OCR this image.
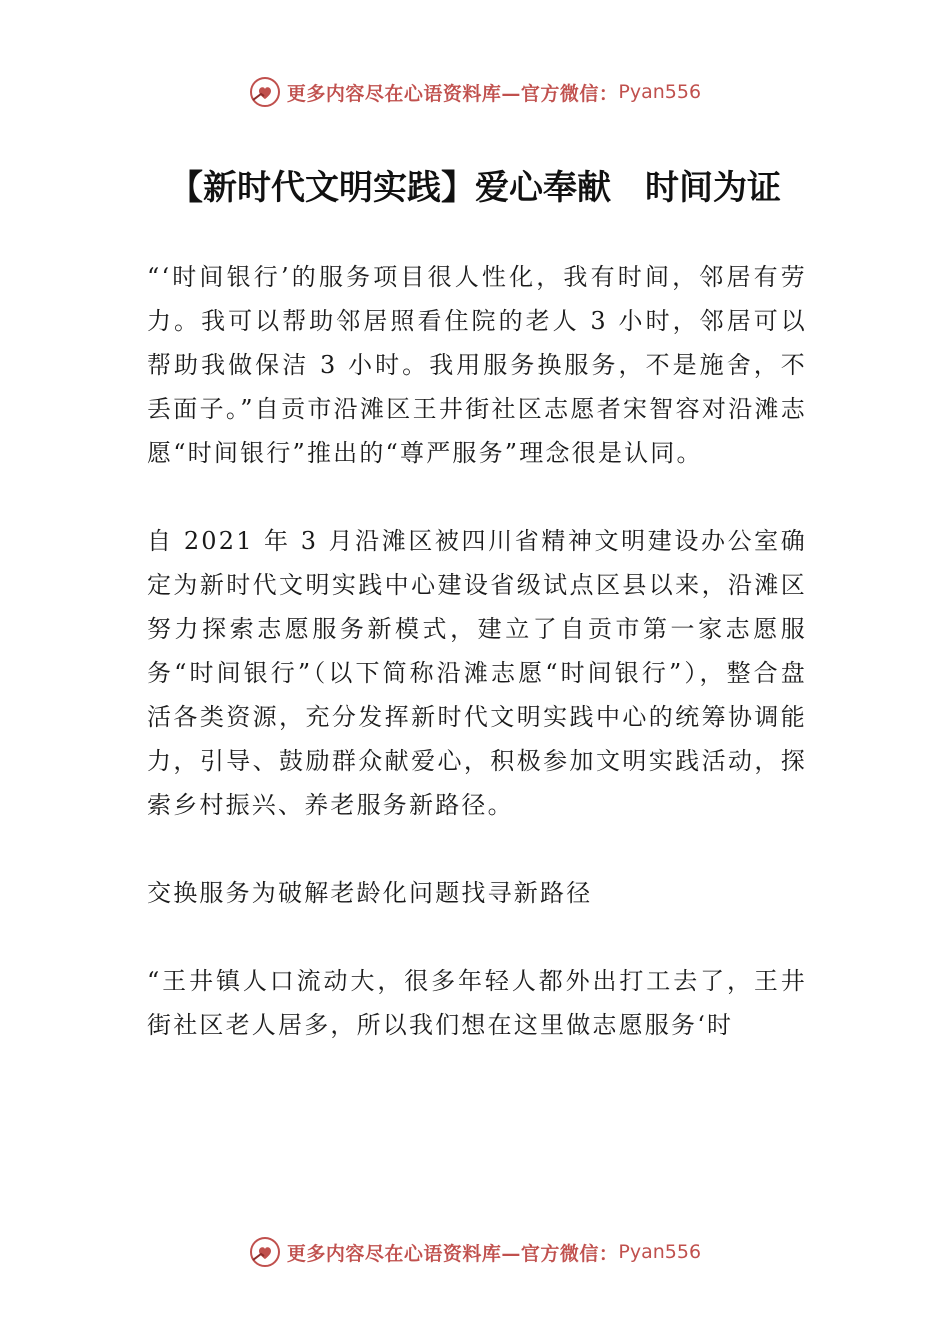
更多内容尽在心语资料库—官方微信： Pyan556
【新时代文明实践】爱心奉献　时间为证

“‘时间银行’的服务项目很人性化，我有时间，邻居有劳力。我可以帮助邻居照看住院的老人 3 小时，邻居可以帮助我做保洁 3 小时。我用服务换服务，不是施舍，不丢面子。”自贡市沿滩区王井街社区志愿者宋智容对沿滩志愿“时间银行”推出的“尊严服务”理念很是认同。

自 2021 年 3 月沿滩区被四川省精神文明建设办公室确定为新时代文明实践中心建设省级试点区县以来，沿滩区努力探索志愿服务新模式，建立了自贡市第一家志愿服务“时间银行”（以下简称沿滩志愿“时间银行”），整合盘活各类资源，充分发挥新时代文明实践中心的统筹协调能力，引导、鼓励群众献爱心，积极参加文明实践活动，探索乡村振兴、养老服务新路径。

交换服务为破解老龄化问题找寻新路径

“王井镇人口流动大，很多年轻人都外出打工去了，王井街社区老人居多，所以我们想在这里做志愿服务‘时

更多内容尽在心语资料库—官方微信： Pyan556
